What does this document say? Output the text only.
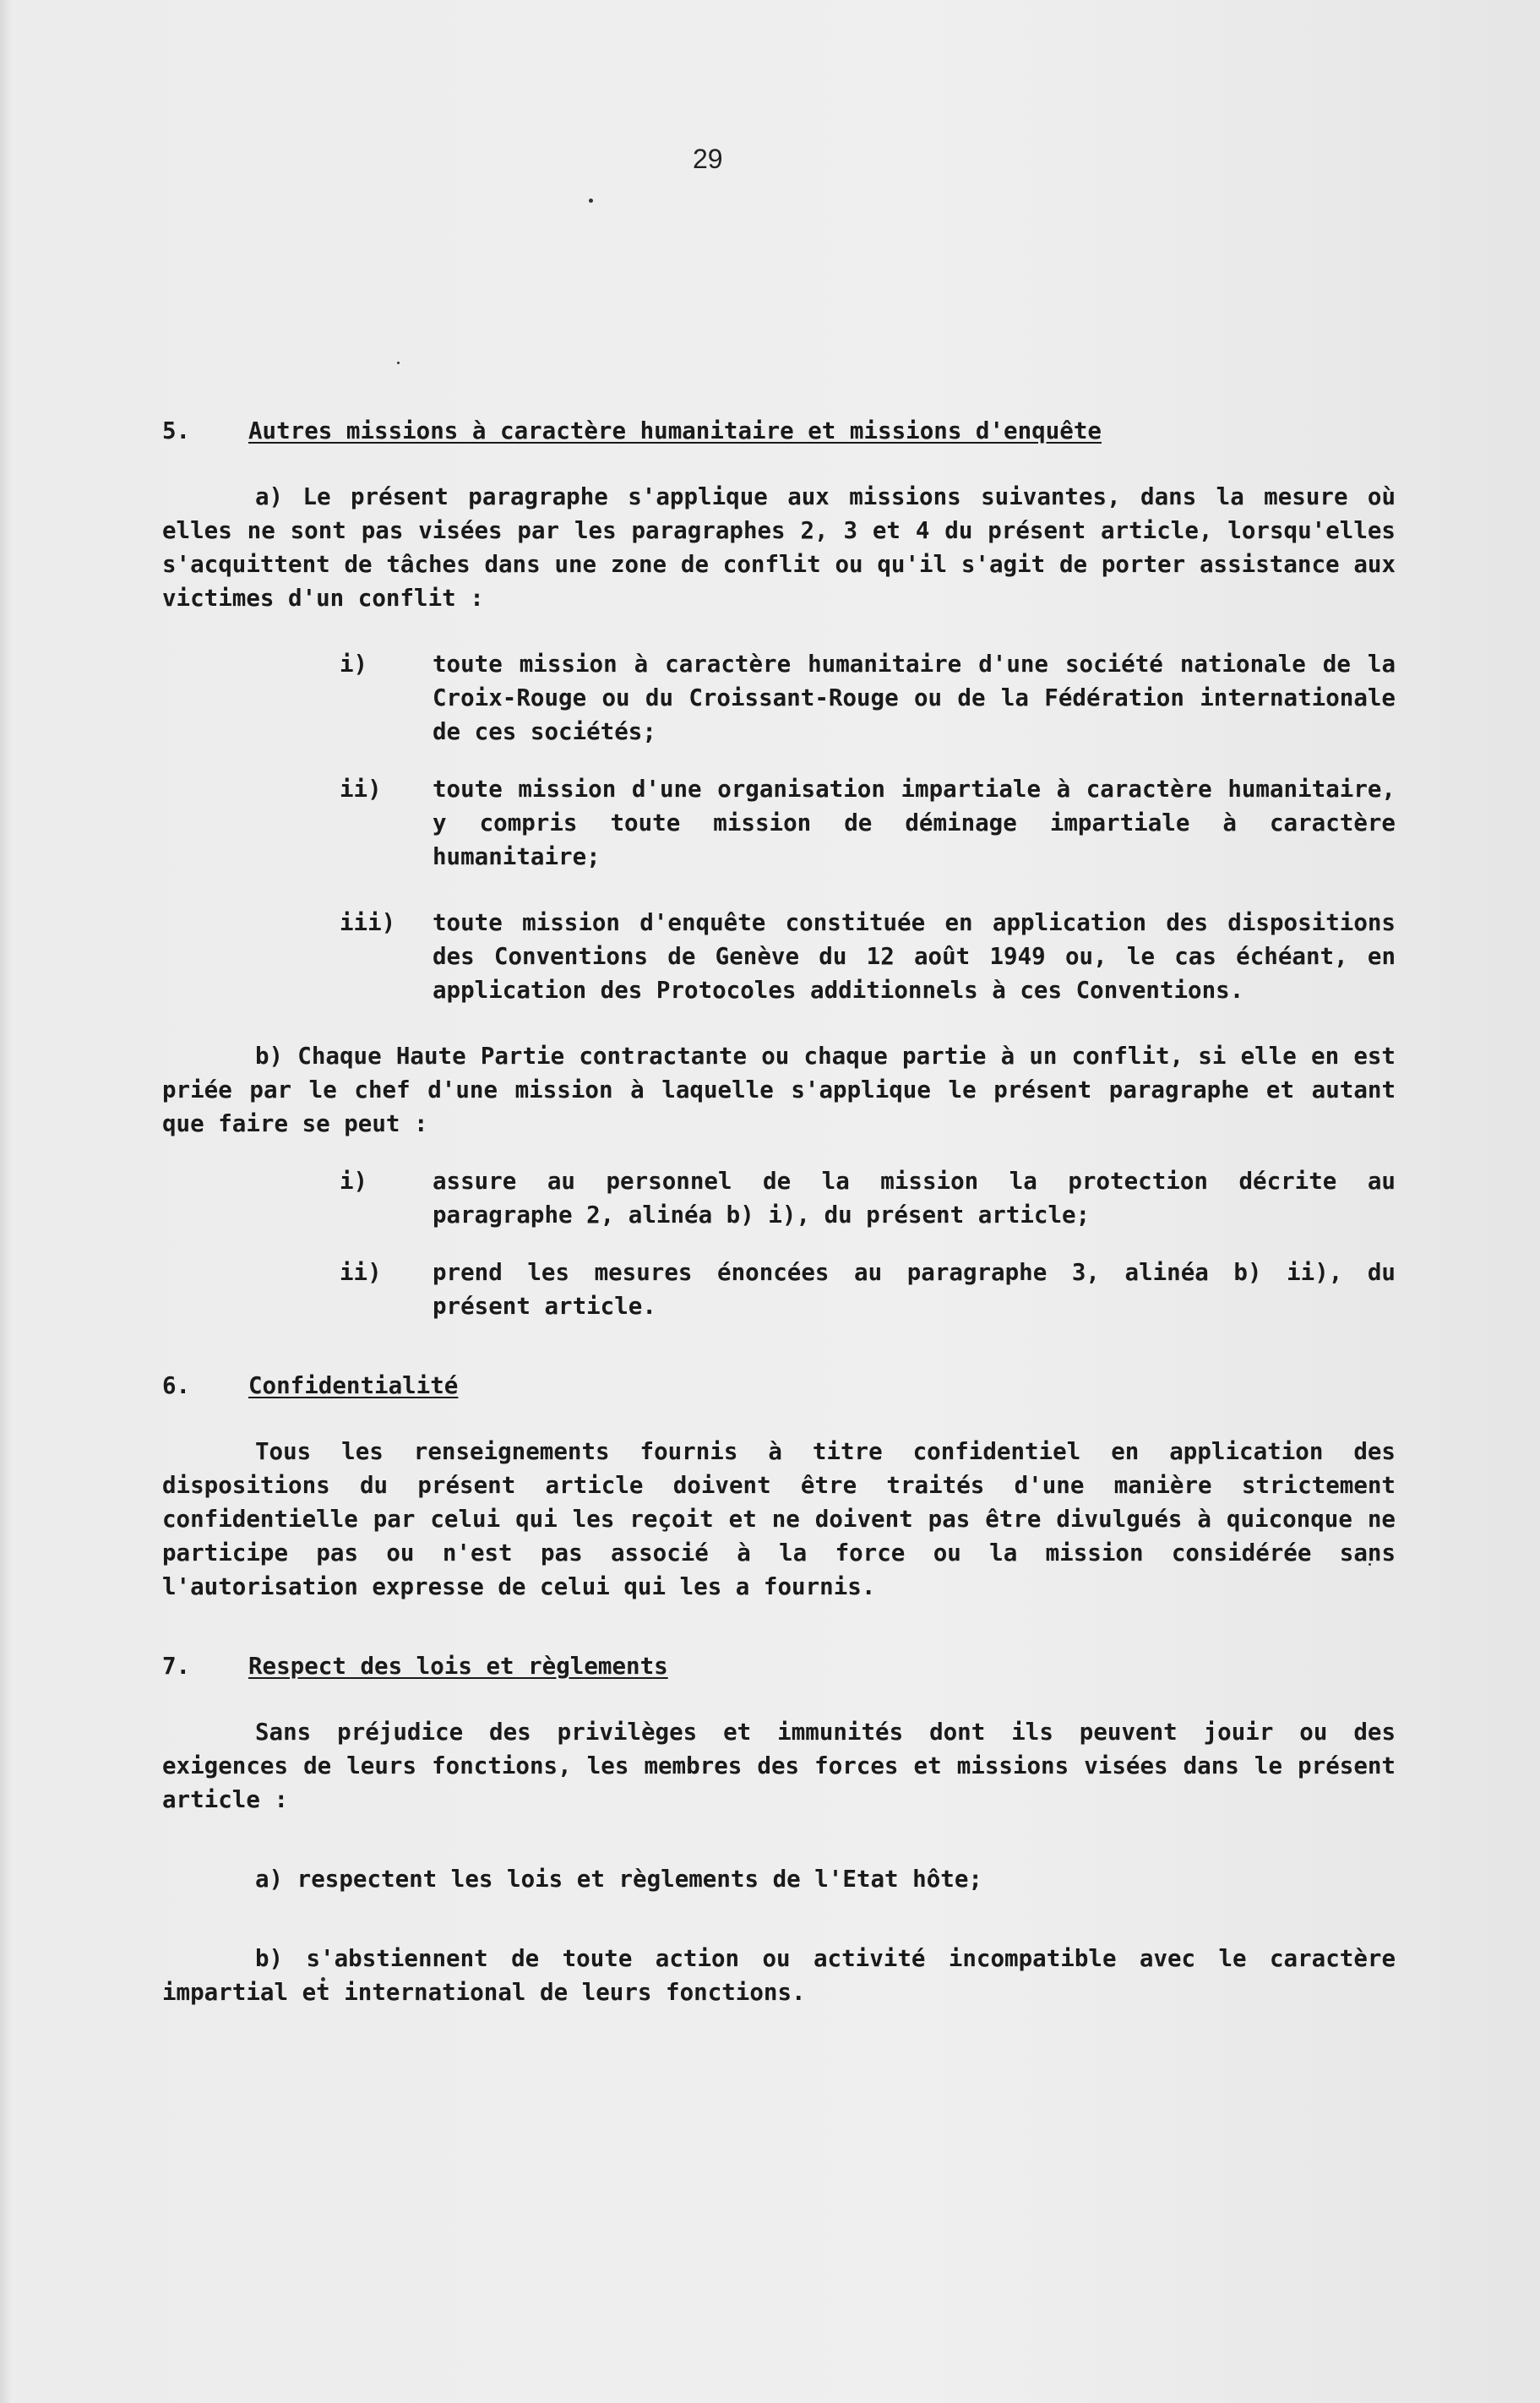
29
5.	Autres missions à caractère humanitaire et missions d'enquête

a) Le présent paragraphe s'applique aux missions suivantes, dans la mesure où elles ne sont pas visées par les paragraphes 2, 3 et 4 du présent article, lorsqu'elles s'acquittent de tâches dans une zone de conflit ou qu'il s'agit de porter assistance aux victimes d'un conflit :

i)	toute mission à caractère humanitaire d'une société nationale de la Croix-Rouge ou du Croissant-Rouge ou de la Fédération internationale de ces sociétés;
ii)	toute mission d'une organisation impartiale à caractère humanitaire, y compris toute mission de déminage impartiale à caractère humanitaire;
iii)	toute mission d'enquête constituée en application des dispositions des Conventions de Genève du 12 août 1949 ou, le cas échéant, en application des Protocoles additionnels à ces Conventions.

b) Chaque Haute Partie contractante ou chaque partie à un conflit, si elle en est priée par le chef d'une mission à laquelle s'applique le présent paragraphe et autant que faire se peut :

i)	assure au personnel de la mission la protection décrite au paragraphe 2, alinéa b) i), du présent article;
ii)	prend les mesures énoncées au paragraphe 3, alinéa b) ii), du présent article.
6.	Confidentialité

Tous les renseignements fournis à titre confidentiel en application des dispositions du présent article doivent être traités d'une manière strictement confidentielle par celui qui les reçoit et ne doivent pas être divulgués à quiconque ne participe pas ou n'est pas associé à la force ou la mission considérée sans l'autorisation expresse de celui qui les a fournis.

7.	Respect des lois et règlements

Sans préjudice des privilèges et immunités dont ils peuvent jouir ou des exigences de leurs fonctions, les membres des forces et missions visées dans le présent article :

a) respectent les lois et règlements de l'Etat hôte;

b) s'abstiennent de toute action ou activité incompatible avec le caractère impartial et international de leurs fonctions.
